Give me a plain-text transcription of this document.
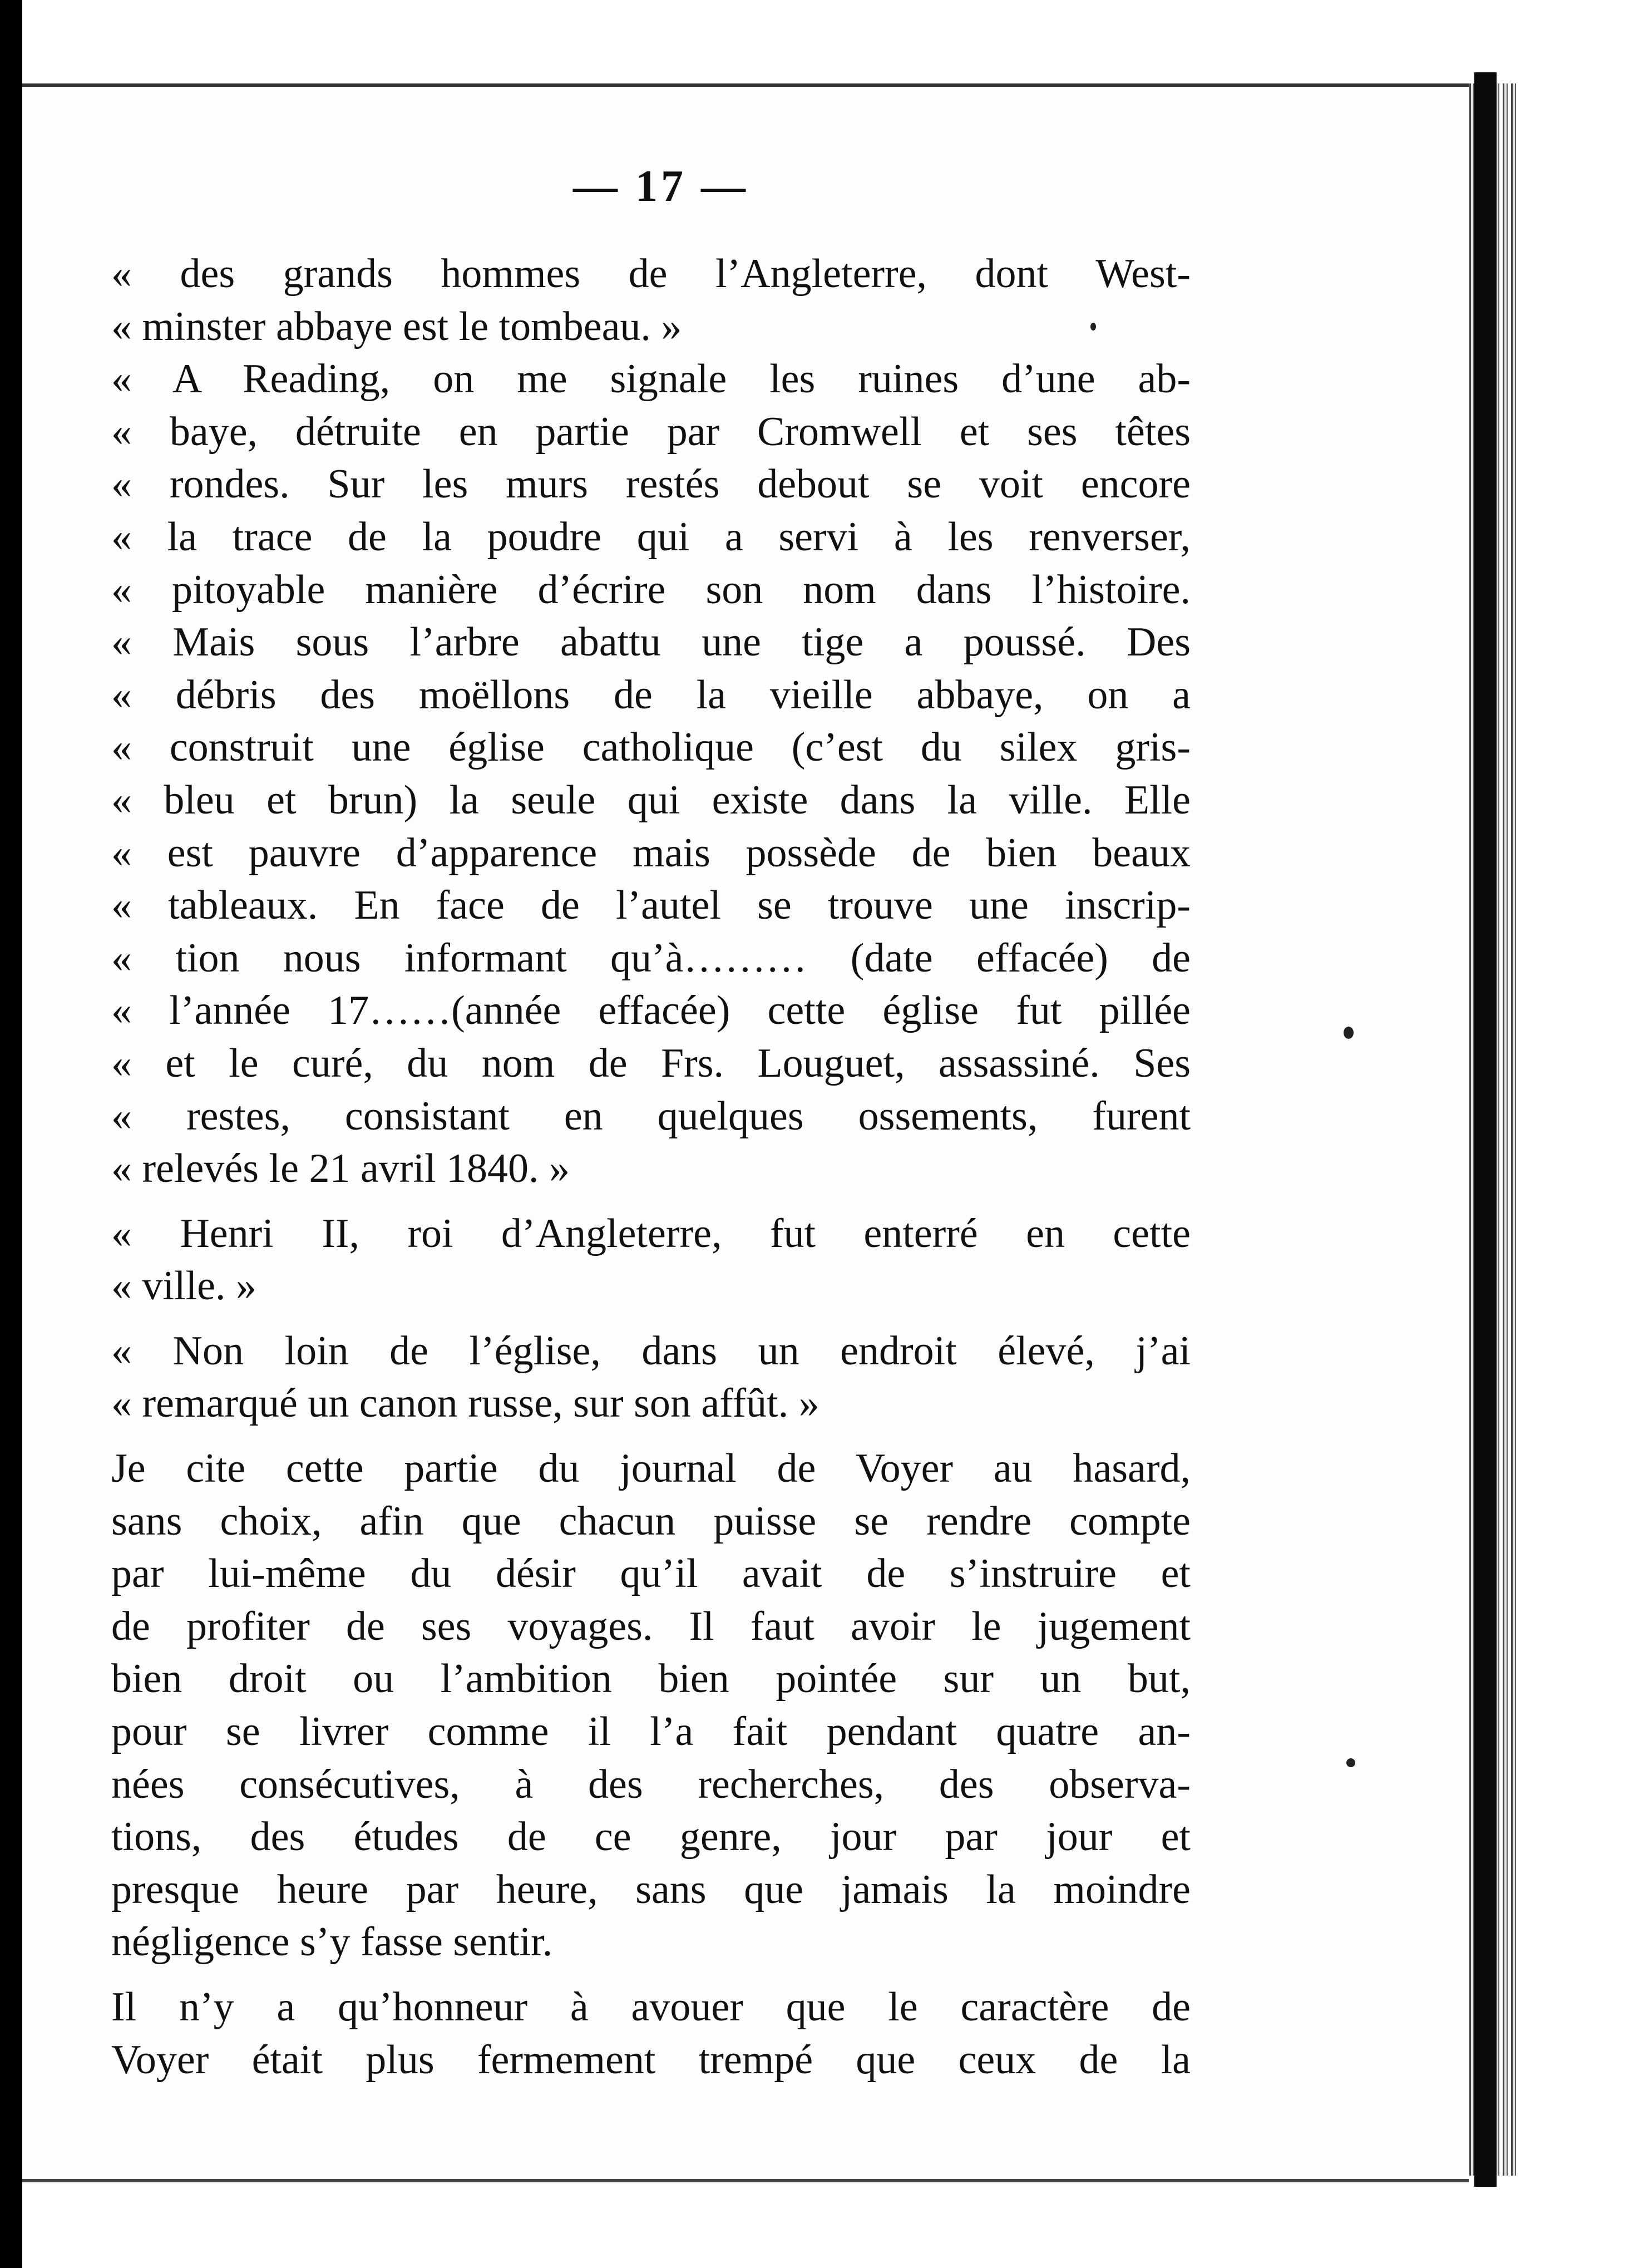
— 17 —
« des grands hommes de l’Angleterre, dont West-
« minster abbaye est le tombeau. »
« A Reading, on me signale les ruines d’une ab-
« baye, détruite en partie par Cromwell et ses têtes
« rondes. Sur les murs restés debout se voit encore
« la trace de la poudre qui a servi à les renverser,
« pitoyable manière d’écrire son nom dans l’histoire.
« Mais sous l’arbre abattu une tige a poussé. Des
« débris des moëllons de la vieille abbaye, on a
« construit une église catholique (c’est du silex gris-
« bleu et brun) la seule qui existe dans la ville. Elle
« est pauvre d’apparence mais possède de bien beaux
« tableaux. En face de l’autel se trouve une inscrip-
« tion nous informant qu’à……… (date effacée) de
« l’année 17……(année effacée) cette église fut pillée
« et le curé, du nom de Frs. Louguet, assassiné. Ses
« restes, consistant en quelques ossements, furent
« relevés le 21 avril 1840. »
« Henri II, roi d’Angleterre, fut enterré en cette
« ville. »
« Non loin de l’église, dans un endroit élevé, j’ai
« remarqué un canon russe, sur son affût. »
Je cite cette partie du journal de Voyer au hasard,
sans choix, afin que chacun puisse se rendre compte
par lui-même du désir qu’il avait de s’instruire et
de profiter de ses voyages. Il faut avoir le jugement
bien droit ou l’ambition bien pointée sur un but,
pour se livrer comme il l’a fait pendant quatre an-
nées consécutives, à des recherches, des observa-
tions, des études de ce genre, jour par jour et
presque heure par heure, sans que jamais la moindre
négligence s’y fasse sentir.
Il n’y a qu’honneur à avouer que le caractère de
Voyer était plus fermement trempé que ceux de la
